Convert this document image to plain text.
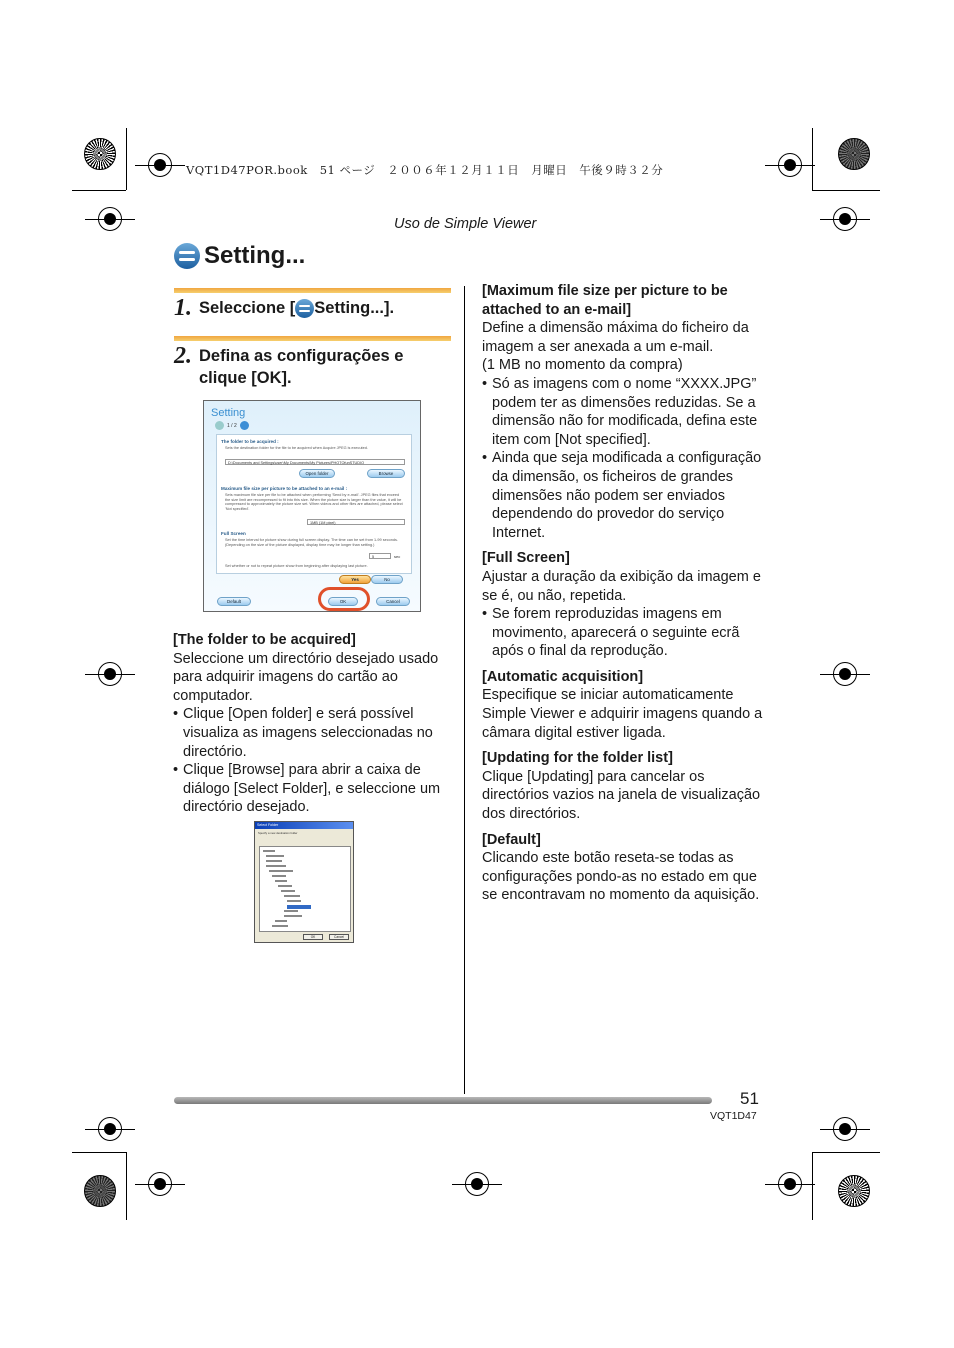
VQT1D47POR.book　51 ページ　２００６年１２月１１日　月曜日　午後９時３２分
Uso de Simple Viewer
Setting...
1. Seleccione [ Setting...].
2. Defina as configurações e clique [OK].
Setting
1 / 2
The folder to be acquired :
Sets the destination folder for the file to be acquired when Acquire JPEG is executed.
D:\Documents and Settings\user\My Documents\My Pictures\PHOTOfunSTUDIO
Open folder	Browse
Maximum file size per picture to be attached to an e-mail :
Sets maximum file size per file to be attached when performing 'Send by e-mail'. JPEG files that exceed the size limit are recompressed to fit into this size. When the picture size is larger than the value, it will be compressed to approximately the picture size set. When videos and other files are attached, please select 'Not specified'.
1MB (1M pixel)
Full Screen
Set the time interval for picture show during full screen display. The time can be set from 1-99 seconds. (Depending on the size of the picture displayed, display time may be longer than setting.)
5	sec
Set whether or not to repeat picture show from beginning after displaying last picture.
Yes	No
Default	OK	Cancel

[The folder to be acquired]

Seleccione um directório desejado usado para adquirir imagens do cartão ao computador.

• Clique [Open folder] e será possível visualiza as imagens seleccionadas no directório.

• Clique [Browse] para abrir a caixa de diálogo [Select Folder], e seleccione um directório desejado.

Select Folder
Specify a new destination folder
OK	Cancel

[Maximum file size per picture to be attached to an e-mail]

Define a dimensão máxima do ficheiro da imagem a ser anexada a um e-mail.

(1 MB no momento da compra)

• Só as imagens com o nome “XXXX.JPG” podem ter as dimensões reduzidas. Se a dimensão não for modificada, defina este item com [Not specified].

• Ainda que seja modificada a configuração da dimensão, os ficheiros de grandes dimensões não podem ser enviados dependendo do provedor do serviço Internet.

[Full Screen]

Ajustar a duração da exibição da imagem e se é, ou não, repetida.

• Se forem reproduzidas imagens em movimento, aparecerá o seguinte ecrã após o final da reprodução.

[Automatic acquisition]

Especifique se iniciar automaticamente Simple Viewer e adquirir imagens quando a câmara digital estiver ligada.

[Updating for the folder list]

Clique [Updating] para cancelar os directórios vazios na janela de visualização dos directórios.

[Default]

Clicando este botão reseta-se todas as configurações pondo-as no estado em que se encontravam no momento da aquisição.

51
VQT1D47
